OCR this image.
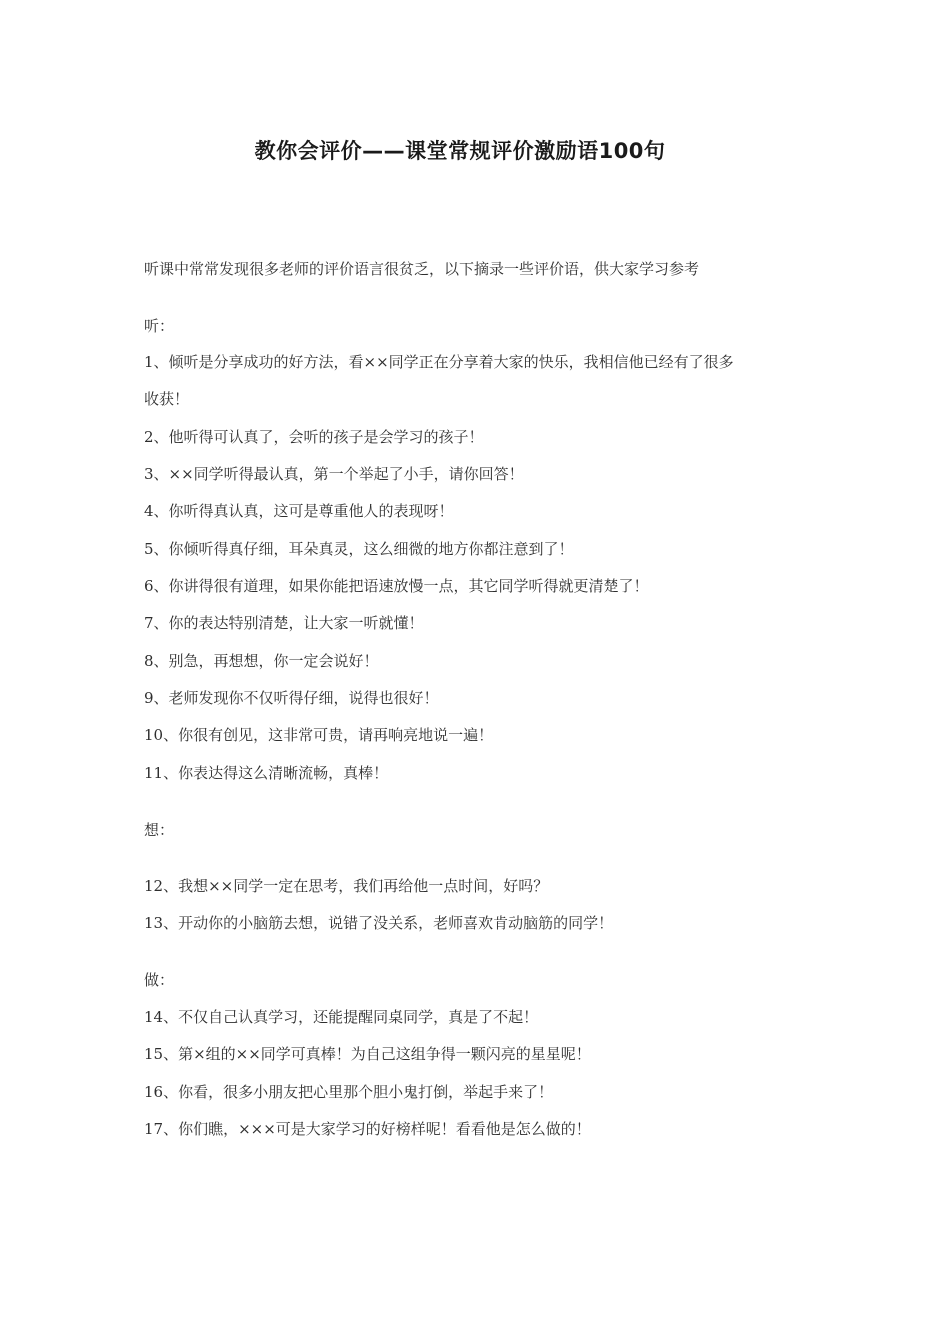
教你会评价——课堂常规评价激励语100句
听课中常常发现很多老师的评价语言很贫乏，以下摘录一些评价语，供大家学习参考
听：
1、倾听是分享成功的好方法，看××同学正在分享着大家的快乐，我相信他已经有了很多
收获！
2、他听得可认真了，会听的孩子是会学习的孩子！
3、××同学听得最认真，第一个举起了小手，请你回答！
4、你听得真认真，这可是尊重他人的表现呀！
5、你倾听得真仔细，耳朵真灵，这么细微的地方你都注意到了！
6、你讲得很有道理，如果你能把语速放慢一点，其它同学听得就更清楚了！
7、你的表达特别清楚，让大家一听就懂！
8、别急，再想想，你一定会说好！
9、老师发现你不仅听得仔细，说得也很好！
10、你很有创见，这非常可贵，请再响亮地说一遍！
11、你表达得这么清晰流畅，真棒！
想：
12、我想××同学一定在思考，我们再给他一点时间，好吗？
13、开动你的小脑筋去想，说错了没关系，老师喜欢肯动脑筋的同学！
做：
14、不仅自己认真学习，还能提醒同桌同学，真是了不起！
15、第×组的××同学可真棒！为自己这组争得一颗闪亮的星星呢！
16、你看，很多小朋友把心里那个胆小鬼打倒，举起手来了！
17、你们瞧，×××可是大家学习的好榜样呢！看看他是怎么做的！
